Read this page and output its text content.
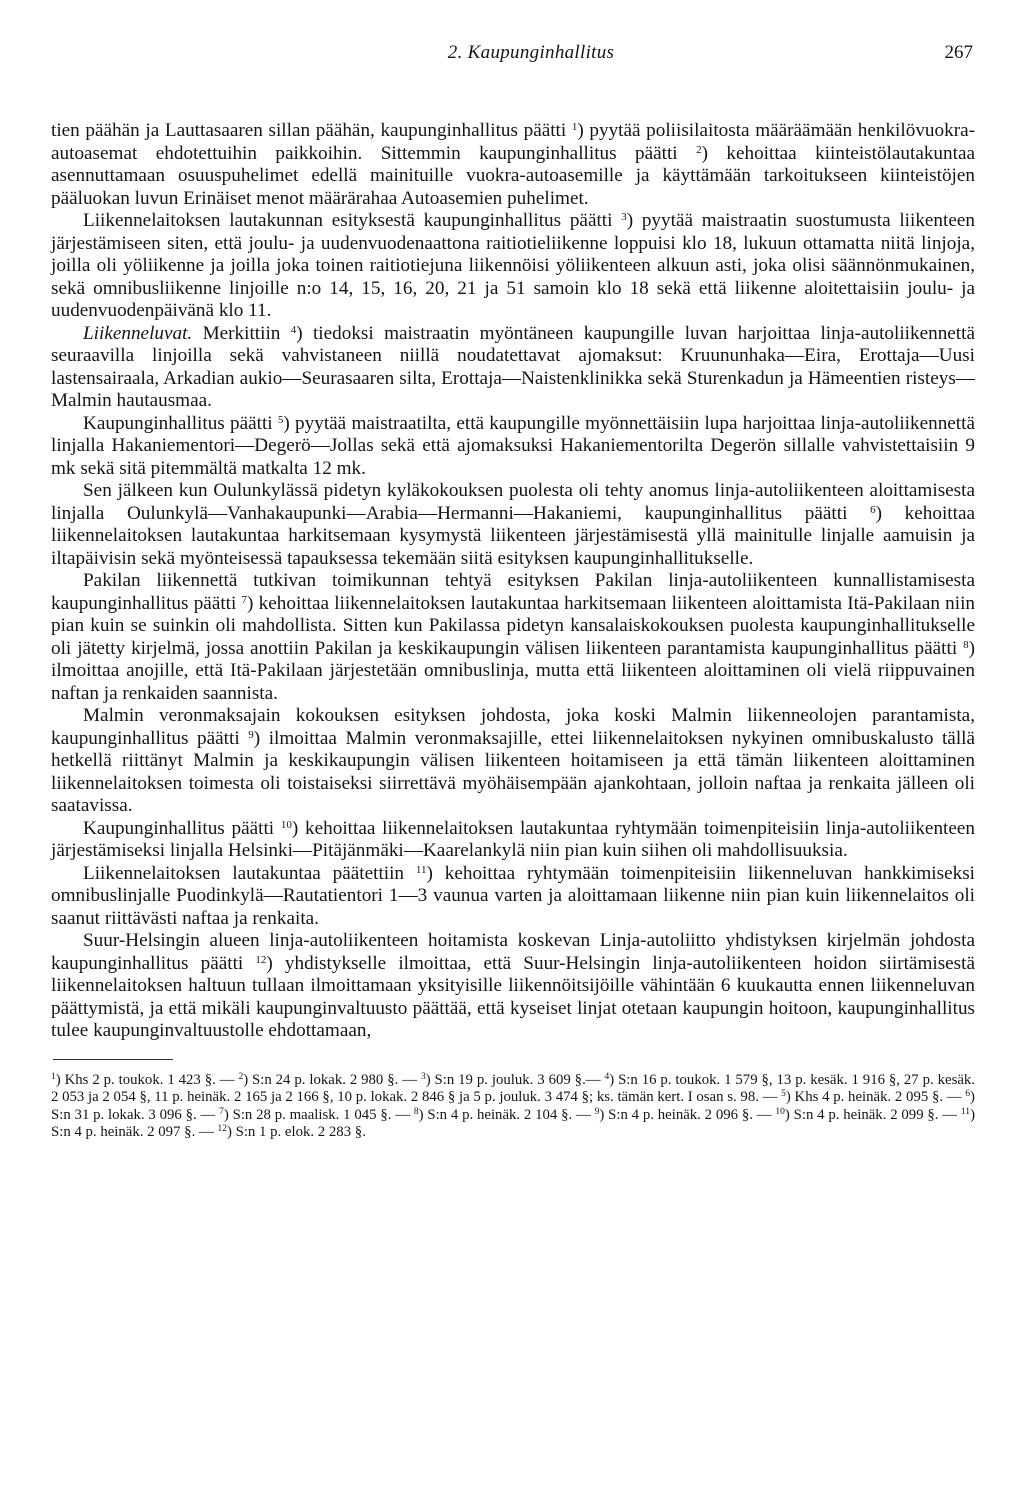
2. Kaupunginhallitus	267

tien päähän ja Lauttasaaren sillan päähän, kaupunginhallitus päätti $^1$) pyytää poliisilaitosta määräämään henkilövuokra-autoasemat ehdotettuihin paikkoihin. Sittemmin kaupunginhallitus päätti $^2$) kehoittaa kiinteistölautakuntaa asennuttamaan osuuspuhelimet edellä mainituille vuokra-autoasemille ja käyttämään tarkoitukseen kiinteistöjen pääluokan luvun Erinäiset menot määrärahaa Autoasemien puhelimet.

Liikennelaitoksen lautakunnan esityksestä kaupunginhallitus päätti $^3$) pyytää maistraatin suostumusta liikenteen järjestämiseen siten, että joulu- ja uudenvuodenaattona raitiotieliikenne loppuisi klo 18, lukuun ottamatta niitä linjoja, joilla oli yöliikenne ja joilla joka toinen raitiotiejuna liikennöisi yöliikenteen alkuun asti, joka olisi säännönmukainen, sekä omnibusliikenne linjoille n:o 14, 15, 16, 20, 21 ja 51 samoin klo 18 sekä että liikenne aloitettaisiin joulu- ja uudenvuodenpäivänä klo 11.

Liikenneluvat. Merkittiin $^4$) tiedoksi maistraatin myöntäneen kaupungille luvan harjoittaa linja-autoliikennettä seuraavilla linjoilla sekä vahvistaneen niillä noudatettavat ajomaksut: Kruununhaka—Eira, Erottaja—Uusi lastensairaala, Arkadian aukio—Seurasaaren silta, Erottaja—Naistenklinikka sekä Sturenkadun ja Hämeentien risteys—Malmin hautausmaa.

Kaupunginhallitus päätti $^5$) pyytää maistraatilta, että kaupungille myönnettäisiin lupa harjoittaa linja-autoliikennettä linjalla Hakaniementori—Degerö—Jollas sekä että ajomaksuksi Hakaniementorilta Degerön sillalle vahvistettaisiin 9 mk sekä sitä pitemmältä matkalta 12 mk.

Sen jälkeen kun Oulunkylässä pidetyn kyläkokouksen puolesta oli tehty anomus linja-autoliikenteen aloittamisesta linjalla Oulunkylä—Vanhakaupunki—Arabia—Hermanni—Hakaniemi, kaupunginhallitus päätti $^6$) kehoittaa liikennelaitoksen lautakuntaa harkitsemaan kysymystä liikenteen järjestämisestä yllä mainitulle linjalle aamuisin ja iltapäivisin sekä myönteisessä tapauksessa tekemään siitä esityksen kaupunginhallitukselle.

Pakilan liikennettä tutkivan toimikunnan tehtyä esityksen Pakilan linja-autoliikenteen kunnallistamisesta kaupunginhallitus päätti $^7$) kehoittaa liikennelaitoksen lautakuntaa harkitsemaan liikenteen aloittamista Itä-Pakilaan niin pian kuin se suinkin oli mahdollista. Sitten kun Pakilassa pidetyn kansalaiskokouksen puolesta kaupunginhallitukselle oli jätetty kirjelmä, jossa anottiin Pakilan ja keskikaupungin välisen liikenteen parantamista kaupunginhallitus päätti $^8$) ilmoittaa anojille, että Itä-Pakilaan järjestetään omnibuslinja, mutta että liikenteen aloittaminen oli vielä riippuvainen naftan ja renkaiden saannista.

Malmin veronmaksajain kokouksen esityksen johdosta, joka koski Malmin liikenneolojen parantamista, kaupunginhallitus päätti $^9$) ilmoittaa Malmin veronmaksajille, ettei liikennelaitoksen nykyinen omnibuskalusto tällä hetkellä riittänyt Malmin ja keskikaupungin välisen liikenteen hoitamiseen ja että tämän liikenteen aloittaminen liikennelaitoksen toimesta oli toistaiseksi siirrettävä myöhäisempään ajankohtaan, jolloin naftaa ja renkaita jälleen oli saatavissa.

Kaupunginhallitus päätti $^{10}$) kehoittaa liikennelaitoksen lautakuntaa ryhtymään toimenpiteisiin linja-autoliikenteen järjestämiseksi linjalla Helsinki—Pitäjänmäki—Kaarelankylä niin pian kuin siihen oli mahdollisuuksia.

Liikennelaitoksen lautakuntaa päätettiin $^{11}$) kehoittaa ryhtymään toimenpiteisiin liikenneluvan hankkimiseksi omnibuslinjalle Puodinkylä—Rautatientori 1—3 vaunua varten ja aloittamaan liikenne niin pian kuin liikennelaitos oli saanut riittävästi naftaa ja renkaita.

Suur-Helsingin alueen linja-autoliikenteen hoitamista koskevan Linja-autoliitto yhdistyksen kirjelmän johdosta kaupunginhallitus päätti $^{12}$) yhdistykselle ilmoittaa, että Suur-Helsingin linja-autoliikenteen hoidon siirtämisestä liikennelaitoksen haltuun tullaan ilmoittamaan yksityisille liikennöitsijöille vähintään 6 kuukautta ennen liikenneluvan päättymistä, ja että mikäli kaupunginvaltuusto päättää, että kyseiset linjat otetaan kaupungin hoitoon, kaupunginhallitus tulee kaupunginvaltuustolle ehdottamaan,

$^1$) Khs 2 p. toukok. 1 423 §. — $^2$) S:n 24 p. lokak. 2 980 §. — $^3$) S:n 19 p. jouluk. 3 609 §.— $^4$) S:n 16 p. toukok. 1 579 §, 13 p. kesäk. 1 916 §, 27 p. kesäk. 2 053 ja 2 054 §, 11 p. heinäk. 2 165 ja 2 166 §, 10 p. lokak. 2 846 § ja 5 p. jouluk. 3 474 §; ks. tämän kert. I osan s. 98. — $^5$) Khs 4 p. heinäk. 2 095 §. — $^6$) S:n 31 p. lokak. 3 096 §. — $^7$) S:n 28 p. maalisk. 1 045 §. — $^8$) S:n 4 p. heinäk. 2 104 §. — $^9$) S:n 4 p. heinäk. 2 096 §. — $^{10}$) S:n 4 p. heinäk. 2 099 §. — $^{11}$) S:n 4 p. heinäk. 2 097 §. — $^{12}$) S:n 1 p. elok. 2 283 §.
